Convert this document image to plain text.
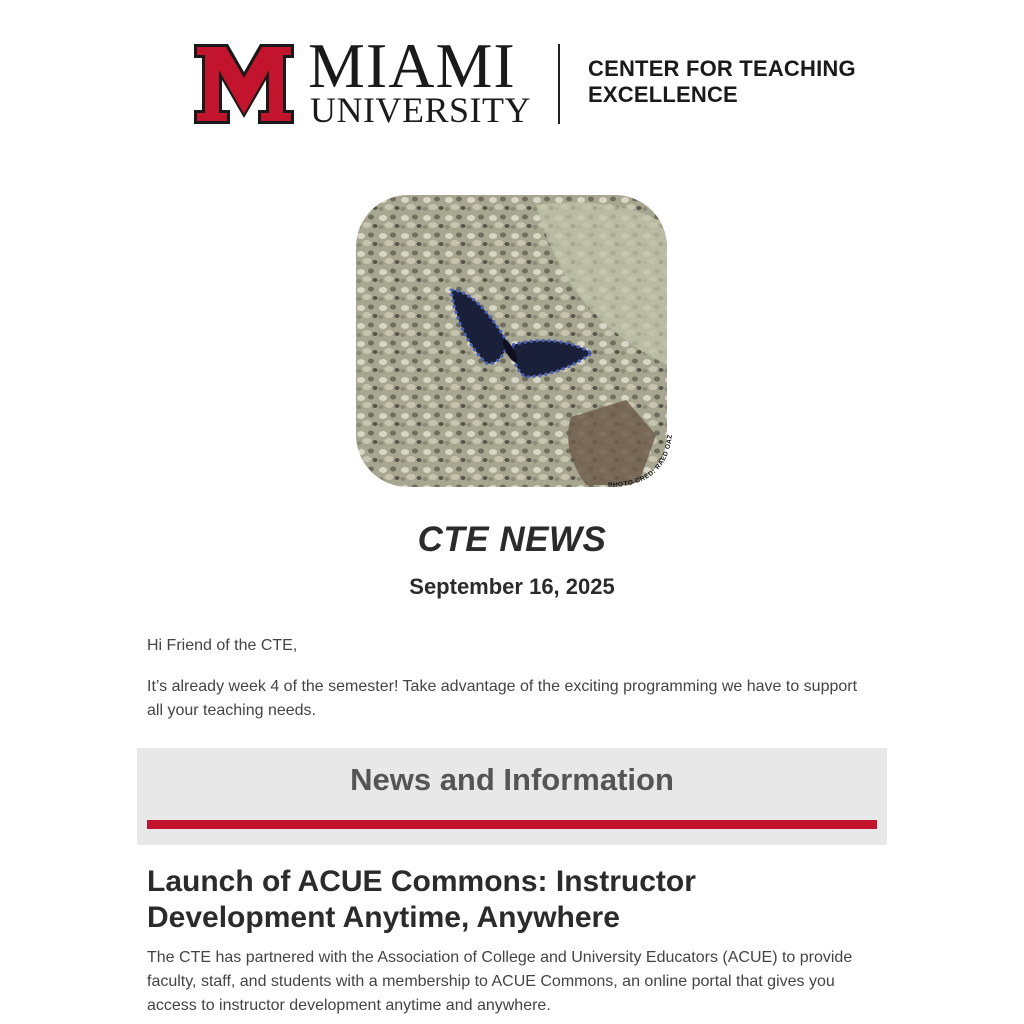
MIAMI
UNIVERSITY
CENTER FOR TEACHING
EXCELLENCE
PHOTO CRED: RAED OAZ
CTE NEWS
September 16, 2025
Hi Friend of the CTE,
It’s already week 4 of the semester! Take advantage of the exciting programming we have to support all your teaching needs.
News and Information
Launch of ACUE Commons: Instructor Development Anytime, Anywhere
The CTE has partnered with the Association of College and University Educators (ACUE) to provide faculty, staff, and students with a membership to ACUE Commons, an online portal that gives you access to instructor development anytime and anywhere.
